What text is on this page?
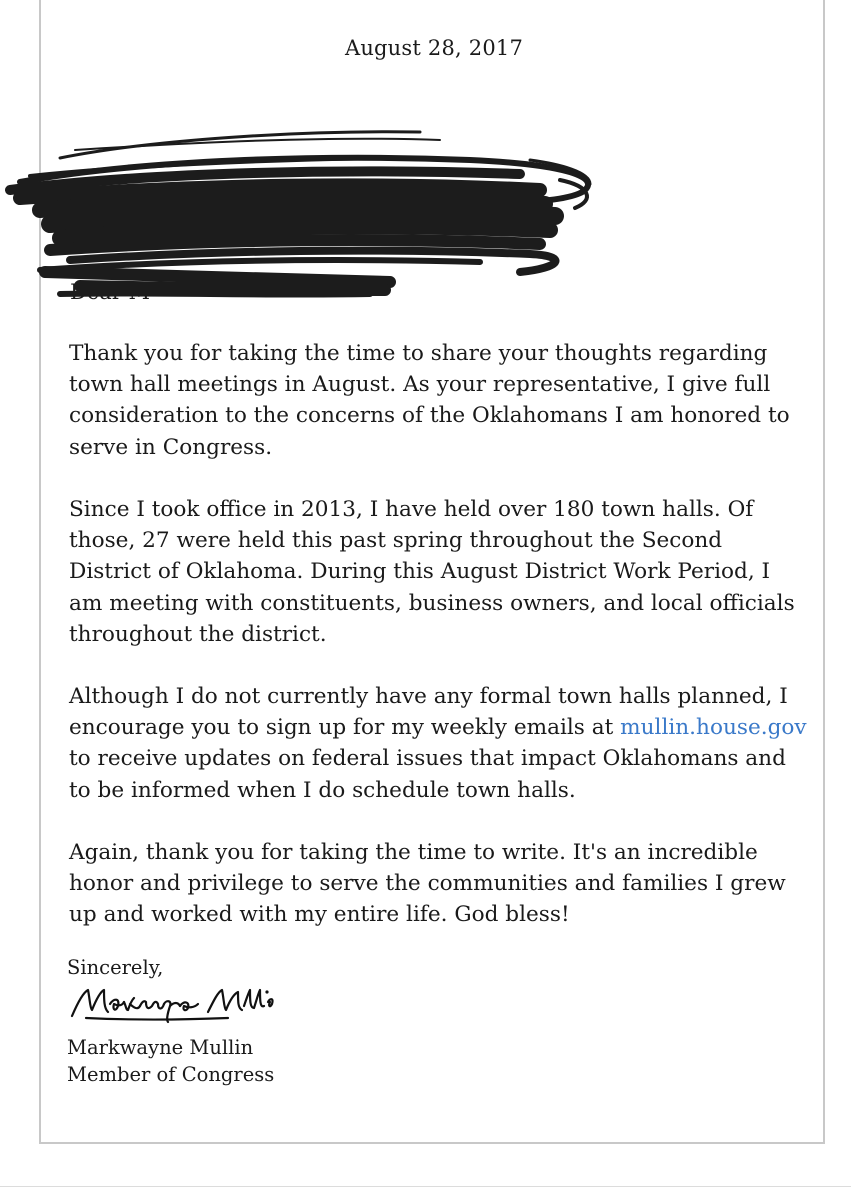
August 28, 2017
Ta
Dear M

Thank you for taking the time to share your thoughts regarding town hall meetings in August. As your representative, I give full consideration to the concerns of the Oklahomans I am honored to serve in Congress.

Since I took office in 2013, I have held over 180 town halls. Of those, 27 were held this past spring throughout the Second District of Oklahoma. During this August District Work Period, I am meeting with constituents, business owners, and local officials throughout the district.

Although I do not currently have any formal town halls planned, I encourage you to sign up for my weekly emails at mullin.house.gov to receive updates on federal issues that impact Oklahomans and to be informed when I do schedule town halls.

Again, thank you for taking the time to write. It's an incredible honor and privilege to serve the communities and families I grew up and worked with my entire life. God bless!

Sincerely,
Markwayne Mullin
Member of Congress
